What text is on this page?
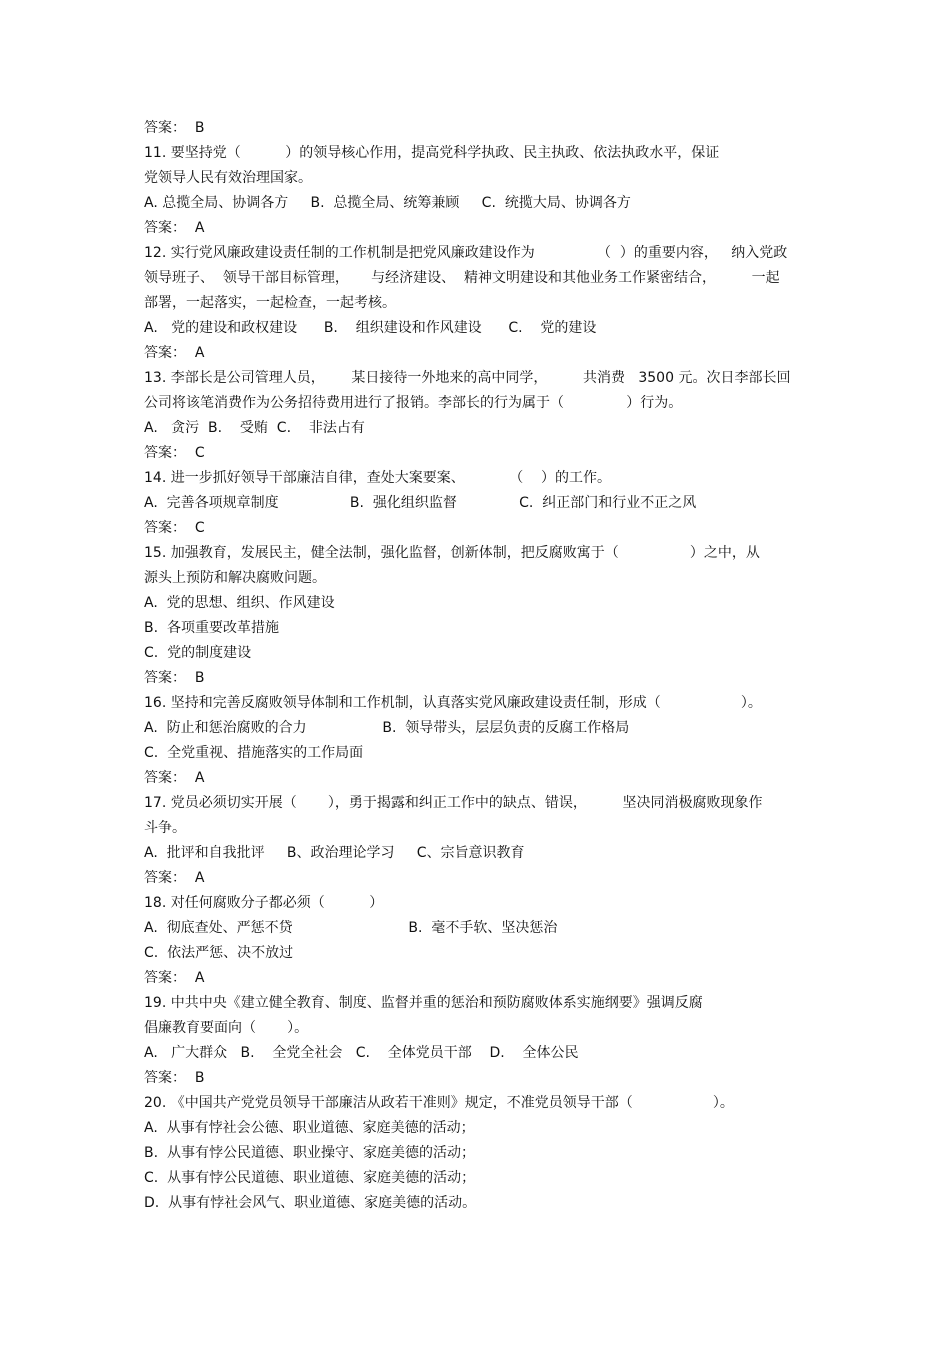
答案：  B
11. 要坚持党（          ）的领导核心作用，提高党科学执政、民主执政、依法执政水平，保证
党领导人民有效治理国家。
A. 总揽全局、协调各方     B.  总揽全局、统筹兼顾     C.  统揽大局、协调各方
答案：  A
12. 实行党风廉政建设责任制的工作机制是把党风廉政建设作为              （  ）的重要内容，   纳入党政
领导班子、  领导干部目标管理，     与经济建设、  精神文明建设和其他业务工作紧密结合，        一起
部署，一起落实，一起检查，一起考核。
A.   党的建设和政权建设      B.    组织建设和作风建设      C.    党的建设
答案：  A
13. 李部长是公司管理人员，      某日接待一外地来的高中同学，        共消费   3500 元。次日李部长回
公司将该笔消费作为公务招待费用进行了报销。李部长的行为属于（              ）行为。
A.   贪污  B.    受贿  C.    非法占有
答案：  C
14. 进一步抓好领导干部廉洁自律，查处大案要案、          （    ）的工作。
A.  完善各项规章制度                B.  强化组织监督              C.  纠正部门和行业不正之风
答案：  C
15. 加强教育，发展民主，健全法制，强化监督，创新体制，把反腐败寓于（                ）之中，从
源头上预防和解决腐败问题。
A.  党的思想、组织、作风建设
B.  各项重要改革措施
C.  党的制度建设
答案：  B
16. 坚持和完善反腐败领导体制和工作机制，认真落实党风廉政建设责任制，形成（                  ）。
A.  防止和惩治腐败的合力                 B.  领导带头，层层负责的反腐工作格局
C.  全党重视、措施落实的工作局面
答案：  A
17. 党员必须切实开展（       ），勇于揭露和纠正工作中的缺点、错误，        坚决同消极腐败现象作
斗争。
A.  批评和自我批评     B、政治理论学习     C、宗旨意识教育
答案：  A
18. 对任何腐败分子都必须（          ）
A.  彻底查处、严惩不贷                          B.  毫不手软、坚决惩治
C.  依法严惩、决不放过
答案：  A
19. 中共中央《建立健全教育、制度、监督并重的惩治和预防腐败体系实施纲要》强调反腐
倡廉教育要面向（       ）。
A.   广大群众   B.    全党全社会   C.    全体党员干部    D.    全体公民
答案：  B
20. 《中国共产党党员领导干部廉洁从政若干准则》规定，不准党员领导干部（                  ）。
A.  从事有悖社会公德、职业道德、家庭美德的活动；
B.  从事有悖公民道德、职业操守、家庭美德的活动；
C.  从事有悖公民道德、职业道德、家庭美德的活动；
D.  从事有悖社会风气、职业道德、家庭美德的活动。
